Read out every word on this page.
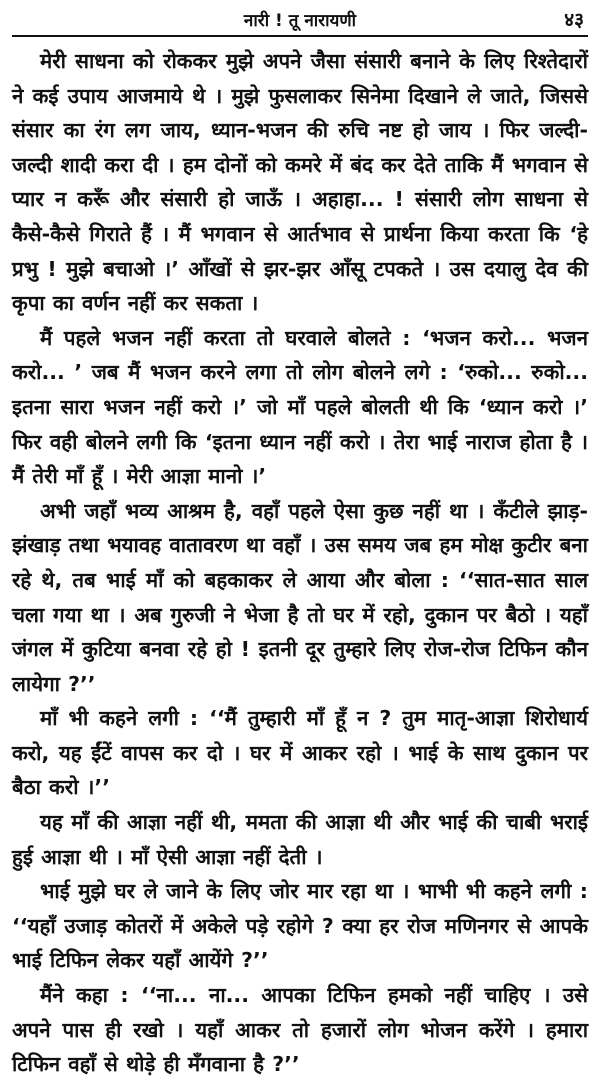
नारी ! तू नारायणी	४३

मेरी साधना को रोककर मुझे अपने जैसा संसारी बनाने के लिए रिश्तेदारों ने कई उपाय आजमाये थे । मुझे फुसलाकर सिनेमा दिखाने ले जाते, जिससे संसार का रंग लग जाय, ध्यान-भजन की रुचि नष्ट हो जाय । फिर जल्दी-जल्दी शादी करा दी । हम दोनों को कमरे में बंद कर देते ताकि मैं भगवान से प्यार न करूँ और संसारी हो जाऊँ । अहाहा... ! संसारी लोग साधना से कैसे-कैसे गिराते हैं । मैं भगवान से आर्तभाव से प्रार्थना किया करता कि ‘हे प्रभु ! मुझे बचाओ ।’ आँखों से झर-झर आँसू टपकते । उस दयालु देव की कृपा का वर्णन नहीं कर सकता ।

मैं पहले भजन नहीं करता तो घरवाले बोलते : ‘भजन करो... भजन करो... ’ जब मैं भजन करने लगा तो लोग बोलने लगे : ‘रुको... रुको... इतना सारा भजन नहीं करो ।’ जो माँ पहले बोलती थी कि ‘ध्यान करो ।’ फिर वही बोलने लगी कि ‘इतना ध्यान नहीं करो । तेरा भाई नाराज होता है । मैं तेरी माँ हूँ । मेरी आज्ञा मानो ।’

अभी जहाँ भव्य आश्रम है, वहाँ पहले ऐसा कुछ नहीं था । कँटीले झाड़-झंखाड़ तथा भयावह वातावरण था वहाँ । उस समय जब हम मोक्ष कुटीर बना रहे थे, तब भाई माँ को बहकाकर ले आया और बोला : ‘‘सात-सात साल चला गया था । अब गुरुजी ने भेजा है तो घर में रहो, दुकान पर बैठो । यहाँ जंगल में कुटिया बनवा रहे हो ! इतनी दूर तुम्हारे लिए रोज-रोज टिफिन कौन लायेगा ?’’

माँ भी कहने लगी : ‘‘मैं तुम्हारी माँ हूँ न ? तुम मातृ-आज्ञा शिरोधार्य करो, यह ईंटें वापस कर दो । घर में आकर रहो । भाई के साथ दुकान पर बैठा करो ।’’

यह माँ की आज्ञा नहीं थी, ममता की आज्ञा थी और भाई की चाबी भराई हुई आज्ञा थी । माँ ऐसी आज्ञा नहीं देती ।

भाई मुझे घर ले जाने के लिए जोर मार रहा था । भाभी भी कहने लगी : ‘‘यहाँ उजाड़ कोतरों में अकेले पड़े रहोगे ? क्या हर रोज मणिनगर से आपके भाई टिफिन लेकर यहाँ आयेंगे ?’’

मैंने कहा : ‘‘ना... ना... आपका टिफिन हमको नहीं चाहिए । उसे अपने पास ही रखो । यहाँ आकर तो हजारों लोग भोजन करेंगे । हमारा टिफिन वहाँ से थोड़े ही मँगवाना है ?’’
